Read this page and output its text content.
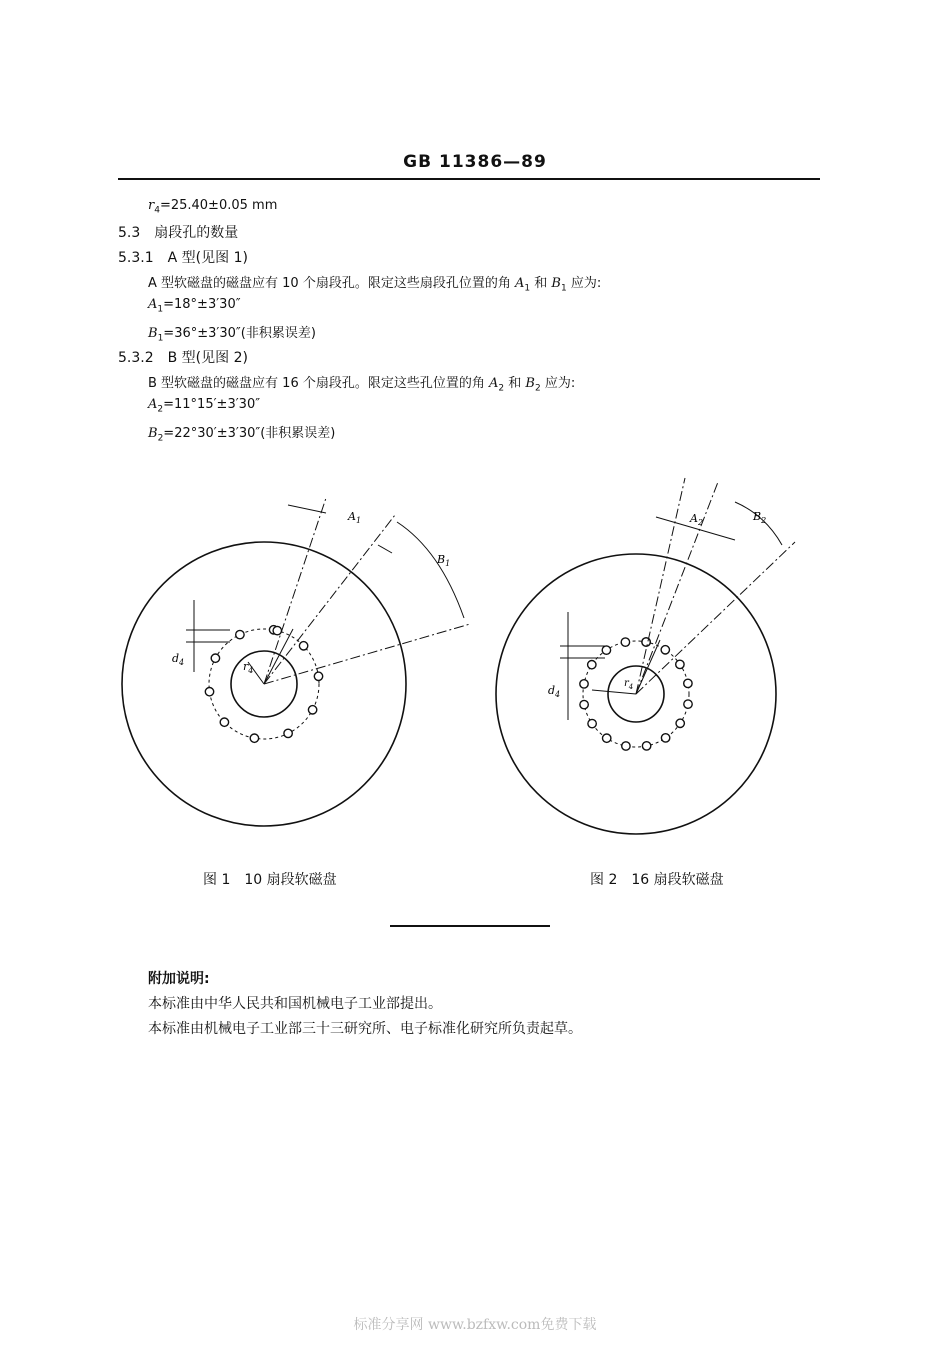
GB 11386—89
$r_4=25.40\pm 0.05$ mm
5.3　 扇段孔的数量
5.3.1　 A 型(见图 1)
A 型软磁盘的磁盘应有 10 个扇段孔。限定这些扇段孔位置的角 $A_1$ 和 $B_1$ 应为:
$A_1=18^\circ\pm 3'30''$
$B_1=36^\circ\pm 3'30''$(非积累误差)
5.3.2　 B 型(见图 2)
B 型软磁盘的磁盘应有 16 个扇段孔。限定这些孔位置的角 $A_2$ 和 $B_2$ 应为:
$A_2=11^\circ 15'\pm 3'30''$
$B_2=22^\circ 30'\pm 3'30''$(非积累误差)
$A_1$
$B_1$
$r_4$
$d_4$
$A_2$	$B_2$
$r_4$
$d_4$
图 1　10 扇段软磁盘	图 2　16 扇段软磁盘
附加说明:
本标准由中华人民共和国机械电子工业部提出。
本标准由机械电子工业部三十三研究所、电子标准化研究所负责起草。
标准分享网 www.bzfxw.com免费下载
